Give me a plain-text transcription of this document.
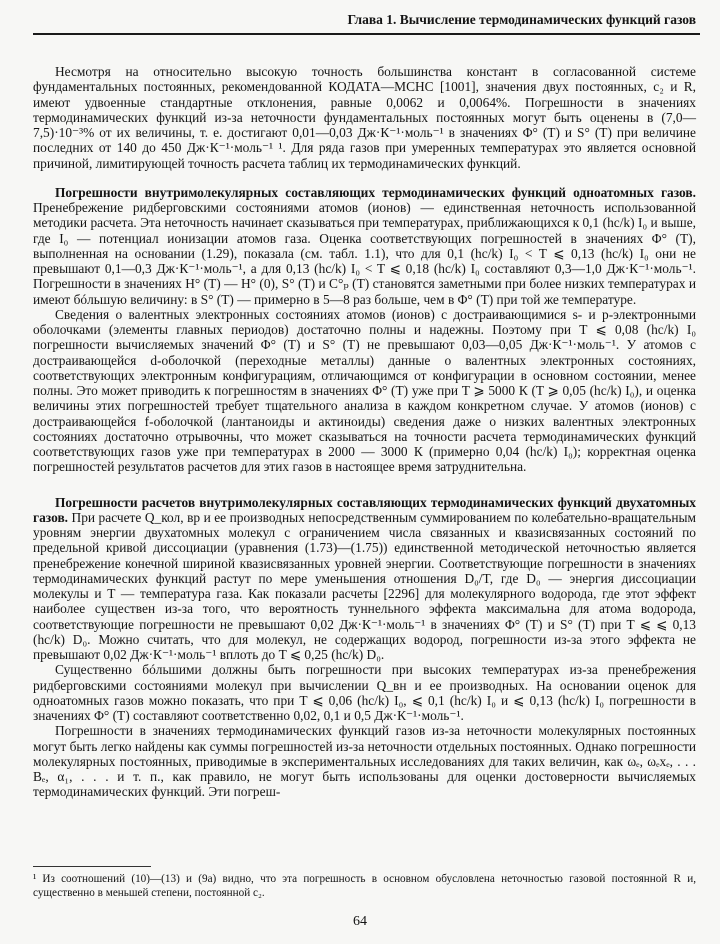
Глава 1. Вычисление термодинамических функций газов

Несмотря на относительно высокую точность большинства констант в согласованной системе фундаментальных постоянных, рекомендованной КОДАТА—МСНС [1001], значения двух постоянных, c₂ и R, имеют удвоенные стандартные отклонения, равные 0,0062 и 0,0064%. Погрешности в значениях термодинамических функций из-за неточности фундаментальных постоянных могут быть оценены в (7,0—7,5)·10⁻³% от их величины, т. е. достигают 0,01—0,03 Дж·К⁻¹·моль⁻¹ в значениях Φ° (T) и S° (T) при величине последних от 140 до 450 Дж·К⁻¹·моль⁻¹ ¹. Для ряда газов при умеренных температурах это является основной причиной, лимитирующей точность расчета таблиц их термодинамических функций.

Погрешности внутримолекулярных составляющих термодинамических функций одноатомных газов. Пренебрежение ридберговскими состояниями атомов (ионов) — единственная неточность использованной методики расчета. Эта неточность начинает сказываться при температурах, приближающихся к 0,1 (hc/k) I₀ и выше, где I₀ — потенциал ионизации атомов газа. Оценка соответствующих погрешностей в значениях Φ° (T), выполненная на основании (1.29), показала (см. табл. 1.1), что для 0,1 (hc/k) I₀ < T ⩽ 0,13 (hc/k) I₀ они не превышают 0,1—0,3 Дж·К⁻¹·моль⁻¹, а для 0,13 (hc/k) I₀ < T ⩽ 0,18 (hc/k) I₀ составляют 0,3—1,0 Дж·К⁻¹·моль⁻¹. Погрешности в значениях H° (T) — H° (0), S° (T) и C°ₚ (T) становятся заметными при более низких температурах и имеют бóльшую величину: в S° (T) — примерно в 5—8 раз больше, чем в Φ° (T) при той же температуре.

Сведения о валентных электронных состояниях атомов (ионов) с достраивающимися s- и p-электронными оболочками (элементы главных периодов) достаточно полны и надежны. Поэтому при T ⩽ 0,08 (hc/k) I₀ погрешности вычисляемых значений Φ° (T) и S° (T) не превышают 0,03—0,05 Дж·К⁻¹·моль⁻¹. У атомов с достраивающейся d-оболочкой (переходные металлы) данные о валентных электронных состояниях, соответствующих электронным конфигурациям, отличающимся от конфигурации в основном состоянии, менее полны. Это может приводить к погрешностям в значениях Φ° (T) уже при T ⩾ 5000 К (T ⩾ 0,05 (hc/k) I₀), и оценка величины этих погрешностей требует тщательного анализа в каждом конкретном случае. У атомов (ионов) с достраивающейся f-оболочкой (лантаноиды и актиноиды) сведения даже о низких валентных электронных состояниях достаточно отрывочны, что может сказываться на точности расчета термодинамических функций соответствующих газов уже при температурах в 2000 — 3000 К (примерно 0,04 (hc/k) I₀); корректная оценка погрешностей результатов расчетов для этих газов в настоящее время затруднительна.

Погрешности расчетов внутримолекулярных составляющих термодинамических функций двухатомных газов. При расчете Q_кол, вр и ее производных непосредственным суммированием по колебательно-вращательным уровням энергии двухатомных молекул с ограничением числа связанных и квазисвязанных состояний по предельной кривой диссоциации (уравнения (1.73)—(1.75)) единственной методической неточностью является пренебрежение конечной шириной квазисвязанных уровней энергии. Соответствующие погрешности в значениях термодинамических функций растут по мере уменьшения отношения D₀/T, где D₀ — энергия диссоциации молекулы и T — температура газа. Как показали расчеты [2296] для молекулярного водорода, где этот эффект наиболее существен из-за того, что вероятность туннельного эффекта максимальна для атома водорода, соответствующие погрешности не превышают 0,02 Дж·К⁻¹·моль⁻¹ в значениях Φ° (T) и S° (T) при T ⩽ ⩽ 0,13 (hc/k) D₀. Можно считать, что для молекул, не содержащих водород, погрешности из-за этого эффекта не превышают 0,02 Дж·К⁻¹·моль⁻¹ вплоть до T ⩽ 0,25 (hc/k) D₀.

Существенно бóльшими должны быть погрешности при высоких температурах из-за пренебрежения ридберговскими состояниями молекул при вычислении Q_вн и ее производных. На основании оценок для одноатомных газов можно показать, что при T ⩽ 0,06 (hc/k) I₀, ⩽ 0,1 (hc/k) I₀ и ⩽ 0,13 (hc/k) I₀ погрешности в значениях Φ° (T) составляют соответственно 0,02, 0,1 и 0,5 Дж·К⁻¹·моль⁻¹.

Погрешности в значениях термодинамических функций газов из-за неточности молекулярных постоянных могут быть легко найдены как суммы погрешностей из-за неточности отдельных постоянных. Однако погрешности молекулярных постоянных, приводимые в экспериментальных исследованиях для таких величин, как ωₑ, ωₑxₑ, . . . Bₑ, α₁, . . . и т. п., как правило, не могут быть использованы для оценки достоверности вычисляемых термодинамических функций. Эти погреш-

¹ Из соотношений (10)—(13) и (9а) видно, что эта погрешность в основном обусловлена неточностью газовой постоянной R и, существенно в меньшей степени, постоянной c₂.
64
